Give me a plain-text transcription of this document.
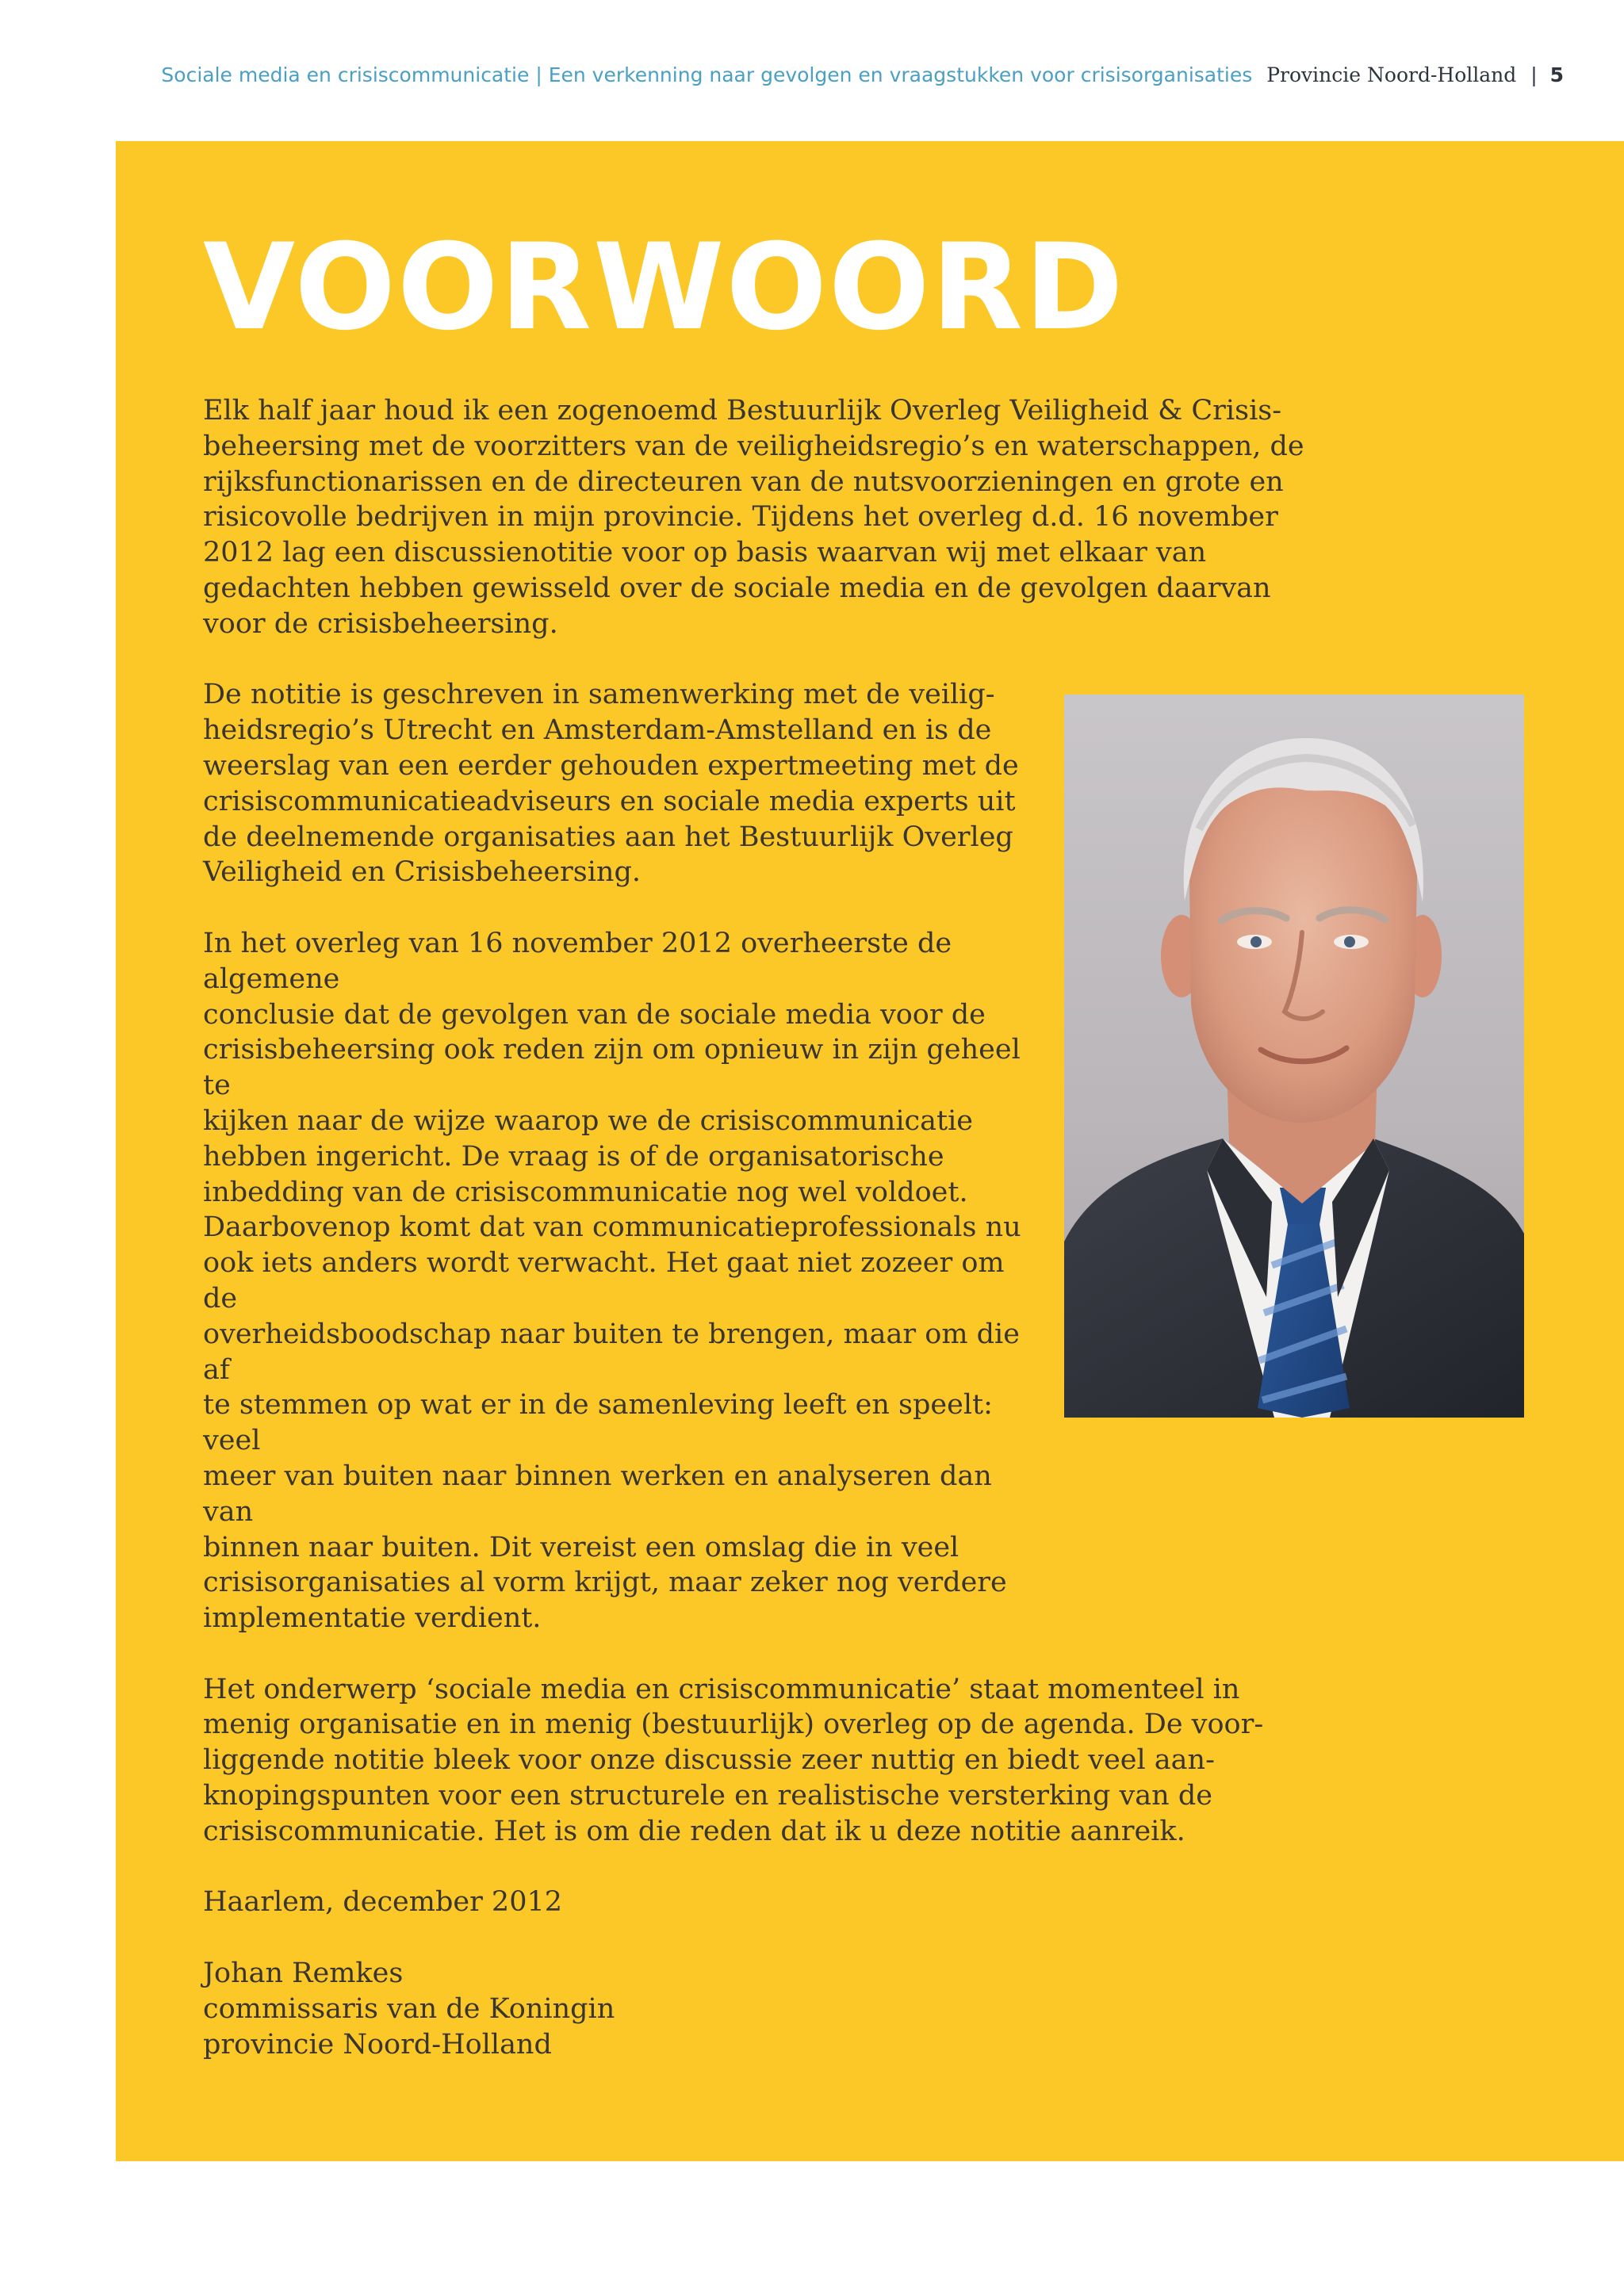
Sociale media en crisiscommunicatie | Een verkenning naar gevolgen en vraagstukken voor crisisorganisaties Provincie Noord-Holland | 5
VOORWOORD

Elk half jaar houd ik een zogenoemd Bestuurlijk Overleg Veiligheid & Crisis-
beheersing met de voorzitters van de veiligheidsregio’s en waterschappen, de
rijksfunctionarissen en de directeuren van de nutsvoorzieningen en grote en
risicovolle bedrijven in mijn provincie. Tijdens het overleg d.d. 16 november
2012 lag een discussienotitie voor op basis waarvan wij met elkaar van
gedachten hebben gewisseld over de sociale media en de gevolgen daarvan
voor de crisisbeheersing.

De notitie is geschreven in samenwerking met de veilig-
heidsregio’s Utrecht en Amsterdam-Amstelland en is de
weerslag van een eerder gehouden expertmeeting met de
crisiscommunicatieadviseurs en sociale media experts uit
de deelnemende organisaties aan het Bestuurlijk Overleg
Veiligheid en Crisisbeheersing.

In het overleg van 16 november 2012 overheerste de algemene
conclusie dat de gevolgen van de sociale media voor de
crisisbeheersing ook reden zijn om opnieuw in zijn geheel te
kijken naar de wijze waarop we de crisiscommunicatie
hebben ingericht. De vraag is of de organisatorische
inbedding van de crisiscommunicatie nog wel voldoet.
Daarbovenop komt dat van communicatieprofessionals nu
ook iets anders wordt verwacht. Het gaat niet zozeer om de
overheidsboodschap naar buiten te brengen, maar om die af
te stemmen op wat er in de samenleving leeft en speelt: veel
meer van buiten naar binnen werken en analyseren dan van
binnen naar buiten. Dit vereist een omslag die in veel
crisisorganisaties al vorm krijgt, maar zeker nog verdere
implementatie verdient.

Het onderwerp ‘sociale media en crisiscommunicatie’ staat momenteel in
menig organisatie en in menig (bestuurlijk) overleg op de agenda. De voor-
liggende notitie bleek voor onze discussie zeer nuttig en biedt veel aan-
knopingspunten voor een structurele en realistische versterking van de
crisiscommunicatie. Het is om die reden dat ik u deze notitie aanreik.

Haarlem, december 2012

Johan Remkes
commissaris van de Koningin
provincie Noord-Holland
